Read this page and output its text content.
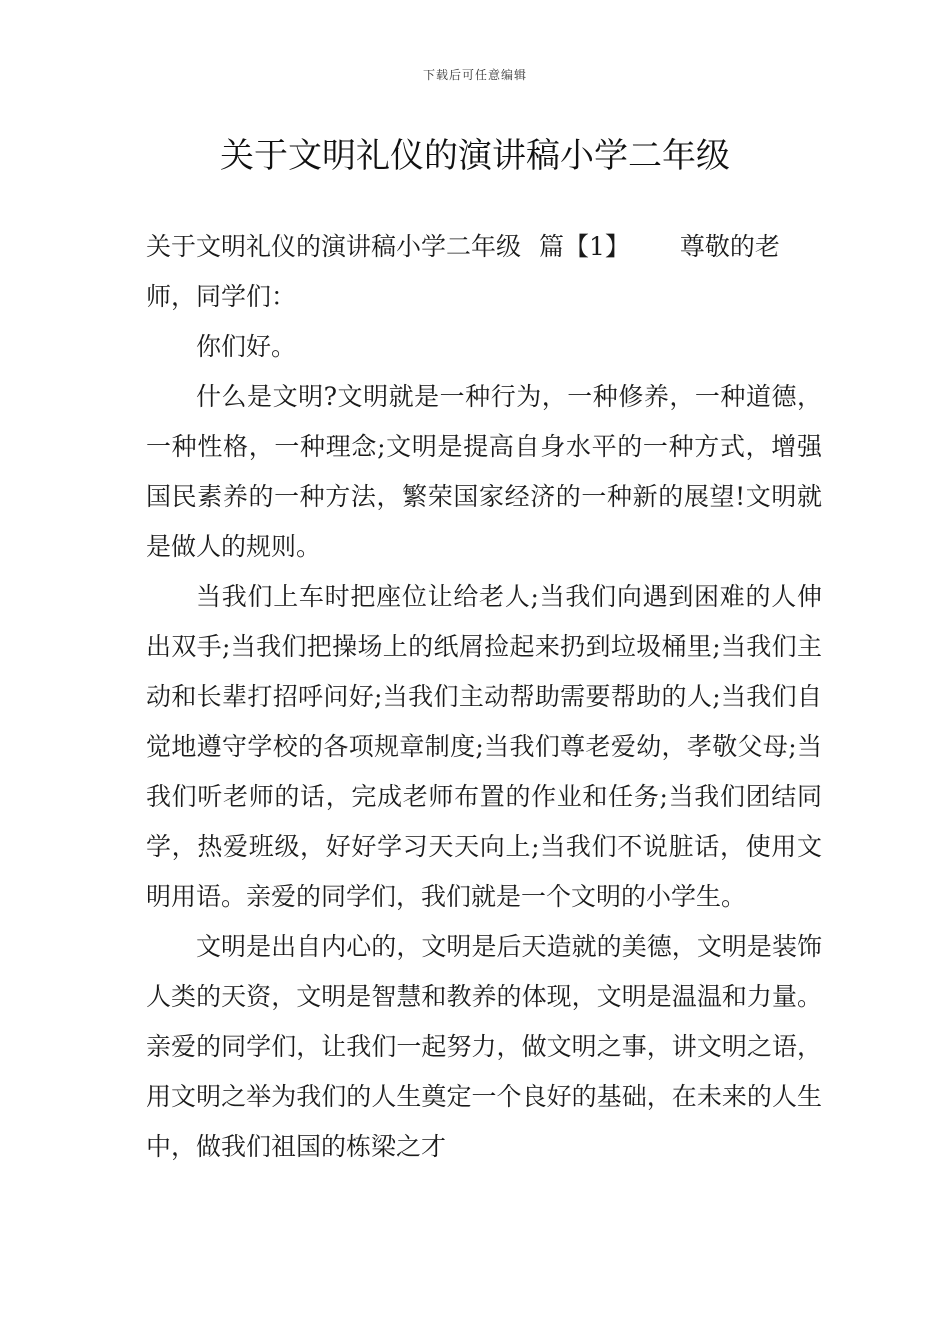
下载后可任意编辑
关于文明礼仪的演讲稿小学二年级

关于文明礼仪的演讲稿小学二年级 篇【1】 尊敬的老
师，同学们：

你们好。

什么是文明?文明就是一种行为，一种修养，一种道德，一种性格，一种理念;文明是提高自身水平的一种方式，增强国民素养的一种方法，繁荣国家经济的一种新的展望!文明就是做人的规则。

当我们上车时把座位让给老人;当我们向遇到困难的人伸出双手;当我们把操场上的纸屑捡起来扔到垃圾桶里;当我们主动和长辈打招呼问好;当我们主动帮助需要帮助的人;当我们自觉地遵守学校的各项规章制度;当我们尊老爱幼，孝敬父母;当我们听老师的话，完成老师布置的作业和任务;当我们团结同学，热爱班级，好好学习天天向上;当我们不说脏话，使用文明用语。亲爱的同学们，我们就是一个文明的小学生。

文明是出自内心的，文明是后天造就的美德，文明是装饰人类的天资，文明是智慧和教养的体现，文明是温温和力量。亲爱的同学们，让我们一起努力，做文明之事，讲文明之语，用文明之举为我们的人生奠定一个良好的基础，在未来的人生中，做我们祖国的栋梁之才
